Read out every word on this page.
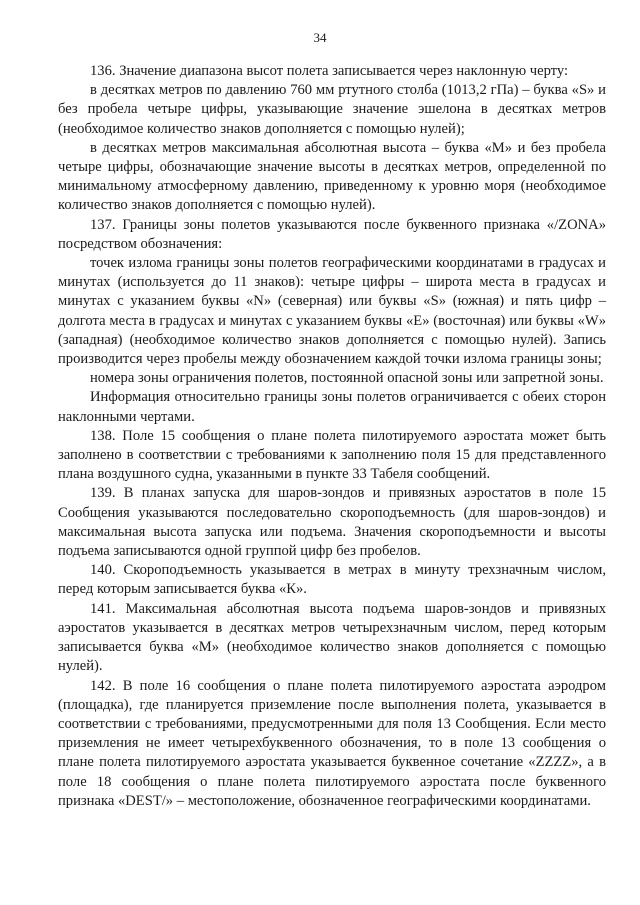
34

136. Значение диапазона высот полета записывается через наклонную черту:

в десятках метров по давлению 760 мм ртутного столба (1013,2 гПа) – буква «S» и без пробела четыре цифры, указывающие значение эшелона в десятках метров (необходимое количество знаков дополняется с помощью нулей);

в десятках метров максимальная абсолютная высота – буква «М» и без пробела четыре цифры, обозначающие значение высоты в десятках метров, определенной по минимальному атмосферному давлению, приведенному к уровню моря (необходимое количество знаков дополняется с помощью нулей).

137. Границы зоны полетов указываются после буквенного признака «/ZONA» посредством обозначения:

точек излома границы зоны полетов географическими координатами в градусах и минутах (используется до 11 знаков): четыре цифры – широта места в градусах и минутах с указанием буквы «N» (северная) или буквы «S» (южная) и пять цифр – долгота места в градусах и минутах с указанием буквы «Е» (восточная) или буквы «W» (западная) (необходимое количество знаков дополняется с помощью нулей). Запись производится через пробелы между обозначением каждой точки излома границы зоны;

номера зоны ограничения полетов, постоянной опасной зоны или запретной зоны.

Информация относительно границы зоны полетов ограничивается с обеих сторон наклонными чертами.

138. Поле 15 сообщения о плане полета пилотируемого аэростата может быть заполнено в соответствии с требованиями к заполнению поля 15 для представленного плана воздушного судна, указанными в пункте 33 Табеля сообщений.

139. В планах запуска для шаров-зондов и привязных аэростатов в поле 15 Сообщения указываются последовательно скороподъемность (для шаров-зондов) и максимальная высота запуска или подъема. Значения скороподъемности и высоты подъема записываются одной группой цифр без пробелов.

140. Скороподъемность указывается в метрах в минуту трехзначным числом, перед которым записывается буква «К».

141. Максимальная абсолютная высота подъема шаров-зондов и привязных аэростатов указывается в десятках метров четырехзначным числом, перед которым записывается буква «М» (необходимое количество знаков дополняется с помощью нулей).

142. В поле 16 сообщения о плане полета пилотируемого аэростата аэродром (площадка), где планируется приземление после выполнения полета, указывается в соответствии с требованиями, предусмотренными для поля 13 Сообщения. Если место приземления не имеет четырехбуквенного обозначения, то в поле 13 сообщения о плане полета пилотируемого аэростата указывается буквенное сочетание «ZZZZ», а в поле 18 сообщения о плане полета пилотируемого аэростата после буквенного признака «DEST/» – местоположение, обозначенное географическими координатами.
